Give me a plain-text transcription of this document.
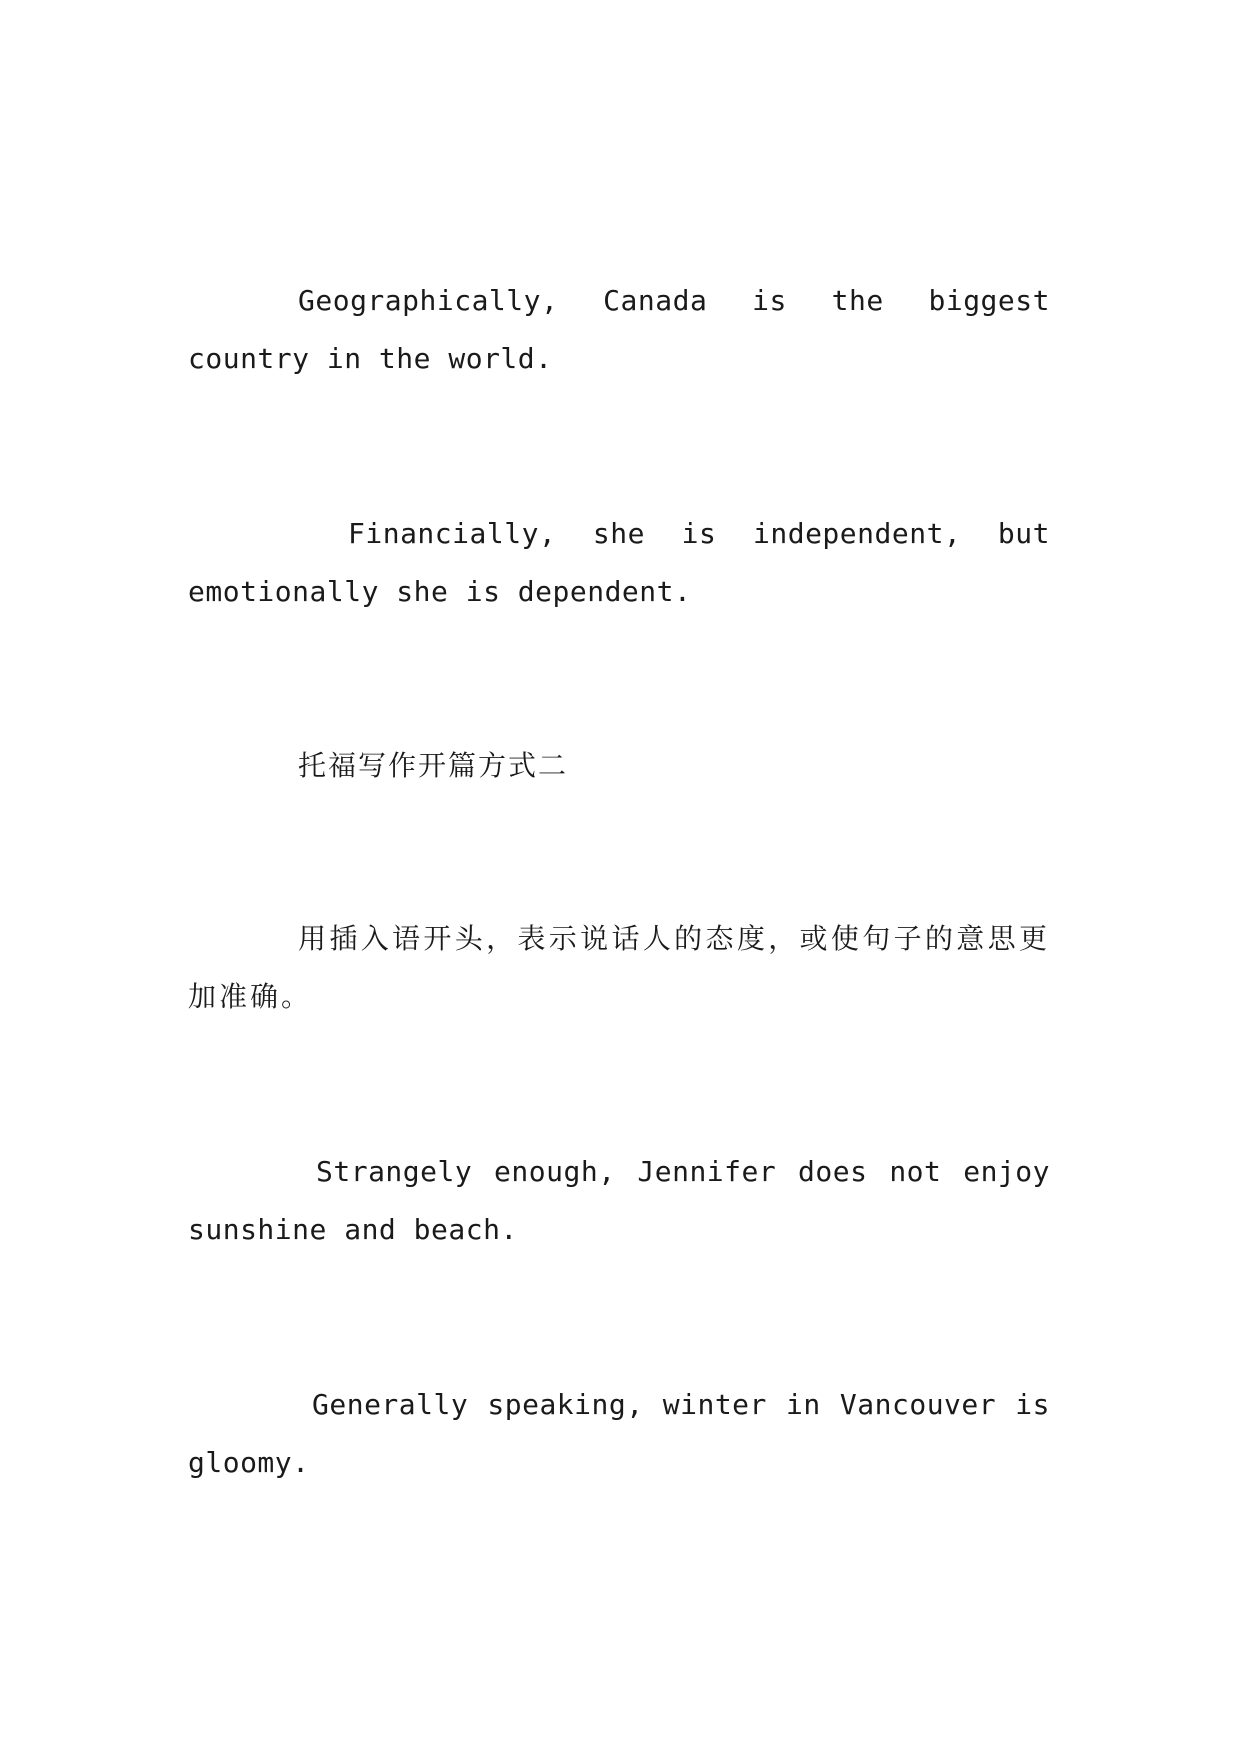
Geographically, Canada is the biggest country in the world.

Financially, she is independent, but emotionally she is dependent.

托福写作开篇方式二

用插入语开头，表示说话人的态度，或使句子的意思更加准确。

Strangely enough, Jennifer does not enjoy sunshine and beach.

Generally speaking, winter in Vancouver is gloomy.
